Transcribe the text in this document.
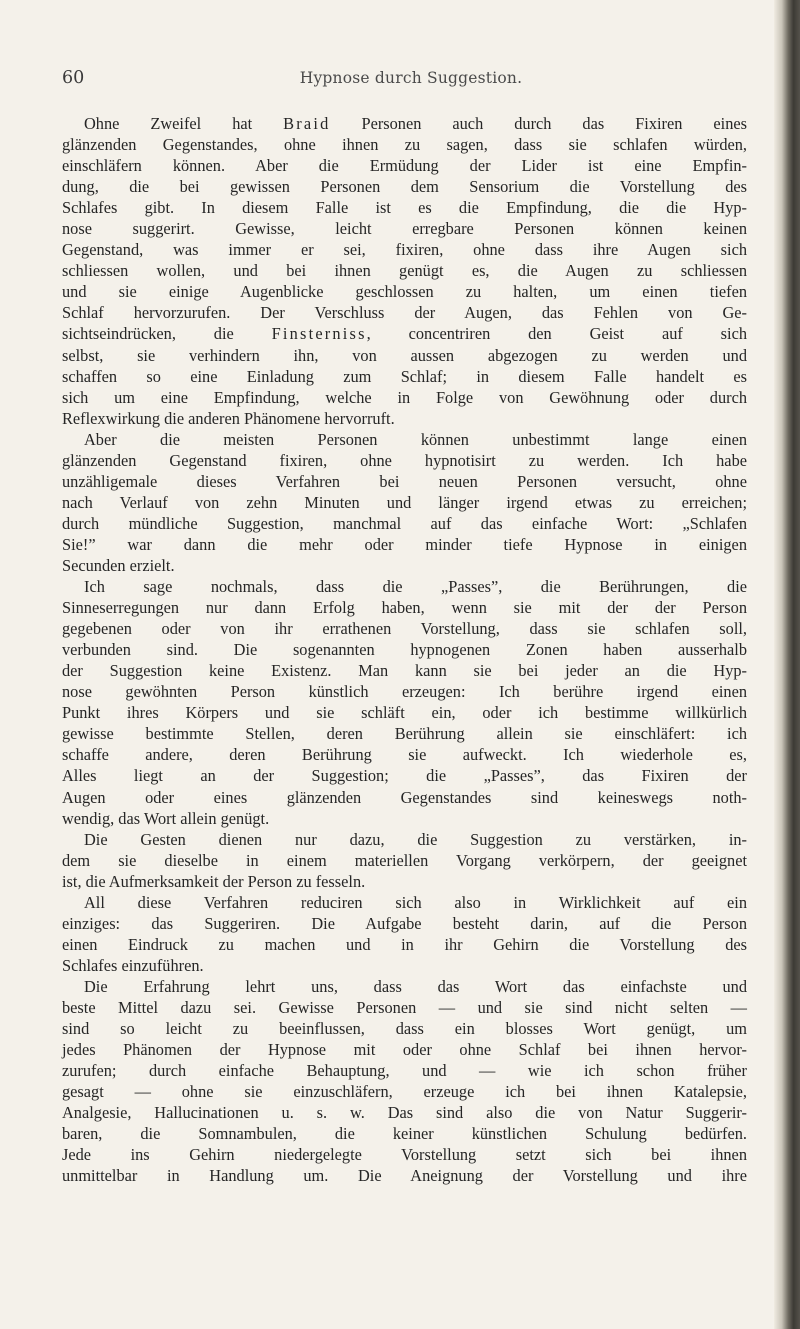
60	Hypnose durch Suggestion.

Ohne Zweifel hat Braid Personen auch durch das Fixiren eines
glänzenden Gegenstandes, ohne ihnen zu sagen, dass sie schlafen würden,
einschläfern können. Aber die Ermüdung der Lider ist eine Empfin-
dung, die bei gewissen Personen dem Sensorium die Vorstellung des
Schlafes gibt. In diesem Falle ist es die Empfindung, die die Hyp-
nose suggerirt. Gewisse, leicht erregbare Personen können keinen
Gegenstand, was immer er sei, fixiren, ohne dass ihre Augen sich
schliessen wollen, und bei ihnen genügt es, die Augen zu schliessen
und sie einige Augenblicke geschlossen zu halten, um einen tiefen
Schlaf hervorzurufen. Der Verschluss der Augen, das Fehlen von Ge-
sichtseindrücken, die Finsterniss, concentriren den Geist auf sich
selbst, sie verhindern ihn, von aussen abgezogen zu werden und
schaffen so eine Einladung zum Schlaf; in diesem Falle handelt es
sich um eine Empfindung, welche in Folge von Gewöhnung oder durch
Reflexwirkung die anderen Phänomene hervorruft.

Aber die meisten Personen können unbestimmt lange einen
glänzenden Gegenstand fixiren, ohne hypnotisirt zu werden. Ich habe
unzähligemale dieses Verfahren bei neuen Personen versucht, ohne
nach Verlauf von zehn Minuten und länger irgend etwas zu erreichen;
durch mündliche Suggestion, manchmal auf das einfache Wort: „Schlafen
Sie!” war dann die mehr oder minder tiefe Hypnose in einigen
Secunden erzielt.

Ich sage nochmals, dass die „Passes”, die Berührungen, die
Sinneserregungen nur dann Erfolg haben, wenn sie mit der der Person
gegebenen oder von ihr errathenen Vorstellung, dass sie schlafen soll,
verbunden sind. Die sogenannten hypnogenen Zonen haben ausserhalb
der Suggestion keine Existenz. Man kann sie bei jeder an die Hyp-
nose gewöhnten Person künstlich erzeugen: Ich berühre irgend einen
Punkt ihres Körpers und sie schläft ein, oder ich bestimme willkürlich
gewisse bestimmte Stellen, deren Berührung allein sie einschläfert: ich
schaffe andere, deren Berührung sie aufweckt. Ich wiederhole es,
Alles liegt an der Suggestion; die „Passes”, das Fixiren der
Augen oder eines glänzenden Gegenstandes sind keineswegs noth-
wendig, das Wort allein genügt.

Die Gesten dienen nur dazu, die Suggestion zu verstärken, in-
dem sie dieselbe in einem materiellen Vorgang verkörpern, der geeignet
ist, die Aufmerksamkeit der Person zu fesseln.

All diese Verfahren reduciren sich also in Wirklichkeit auf ein
einziges: das Suggeriren. Die Aufgabe besteht darin, auf die Person
einen Eindruck zu machen und in ihr Gehirn die Vorstellung des
Schlafes einzuführen.

Die Erfahrung lehrt uns, dass das Wort das einfachste und
beste Mittel dazu sei. Gewisse Personen — und sie sind nicht selten —
sind so leicht zu beeinflussen, dass ein blosses Wort genügt, um
jedes Phänomen der Hypnose mit oder ohne Schlaf bei ihnen hervor-
zurufen; durch einfache Behauptung, und — wie ich schon früher
gesagt — ohne sie einzuschläfern, erzeuge ich bei ihnen Katalepsie,
Analgesie, Hallucinationen u. s. w. Das sind also die von Natur Suggerir-
baren, die Somnambulen, die keiner künstlichen Schulung bedürfen.
Jede ins Gehirn niedergelegte Vorstellung setzt sich bei ihnen
unmittelbar in Handlung um. Die Aneignung der Vorstellung und ihre
